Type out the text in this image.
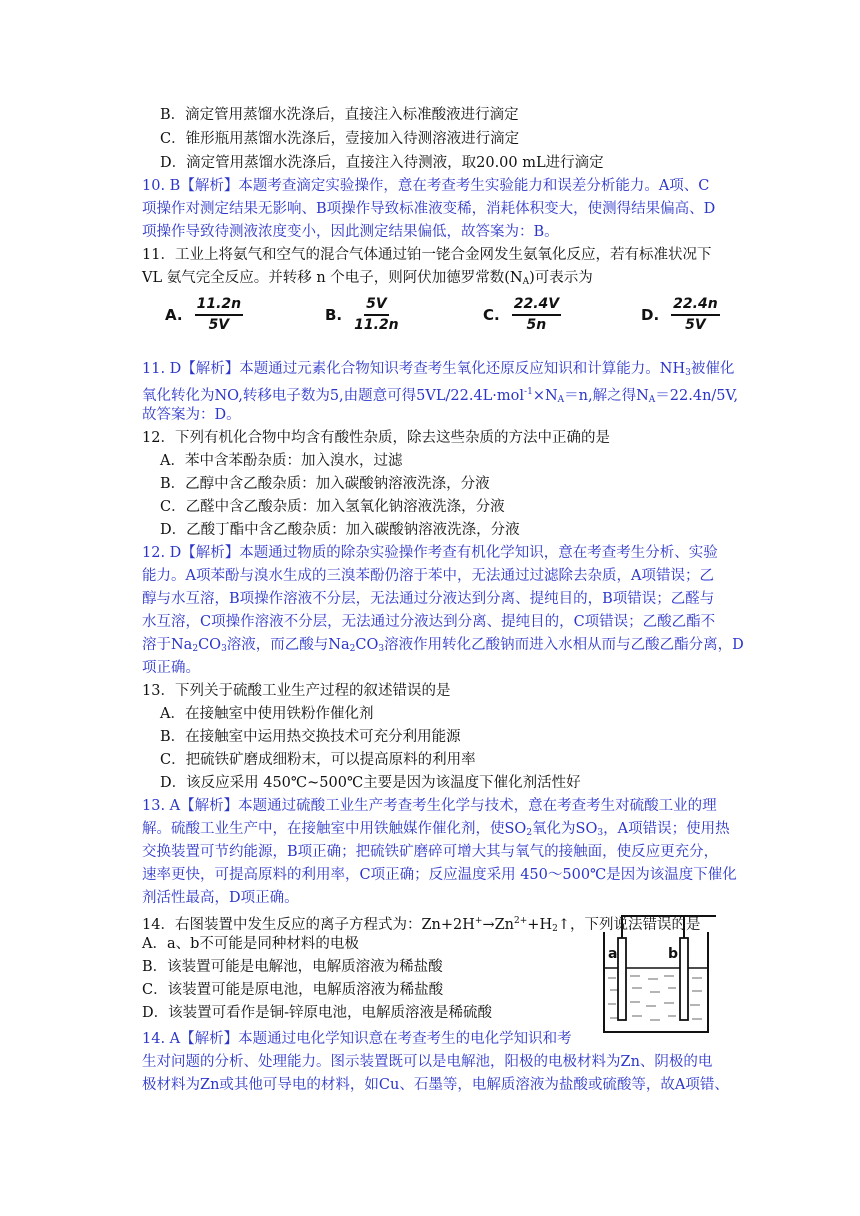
B．滴定管用蒸馏水洗涤后，直接注入标准酸液进行滴定
C．锥形瓶用蒸馏水洗涤后，壹接加入待测溶液进行滴定
D．滴定管用蒸馏水洗涤后，直接注入待测液，取20.00 mL进行滴定
10. B【解析】本题考查滴定实验操作，意在考查考生实验能力和误差分析能力。A项、C
项操作对测定结果无影响、B项操作导致标准液变稀，消耗体积变大，使测得结果偏高、D
项操作导致待测液浓度变小，因此测定结果偏低，故答案为：B。
11．工业上将氨气和空气的混合气体通过铂一铑合金网发生氨氧化反应，若有标准状况下
VL 氨气完全反应。并转移 n 个电子，则阿伏加德罗常数$(N_A)$可表示为
A. $\frac{11.2n}{5V}$	B. $\frac{5V}{11.2n}$	C. $\frac{22.4V}{5n}$	D. $\frac{22.4n}{5V}$
11. D【解析】本题通过元素化合物知识考查考生氧化还原反应知识和计算能力。$NH_3$被催化
氧化转化为NO,转移电子数为5,由题意可得$5VL/22.4L\cdot mol^{-1}\times N_A=n$,解之得$N_A=22.4n/5V$,
故答案为：D。
12．下列有机化合物中均含有酸性杂质，除去这些杂质的方法中正确的是
A．苯中含苯酚杂质：加入溴水，过滤
B．乙醇中含乙酸杂质：加入碳酸钠溶液洗涤，分液
C．乙醛中含乙酸杂质：加入氢氧化钠溶液洗涤，分液
D．乙酸丁酯中含乙酸杂质：加入碳酸钠溶液洗涤，分液
12. D【解析】本题通过物质的除杂实验操作考查有机化学知识，意在考查考生分析、实验
能力。A项苯酚与溴水生成的三溴苯酚仍溶于苯中，无法通过过滤除去杂质，A项错误；乙
醇与水互溶，B项操作溶液不分层，无法通过分液达到分离、提纯目的，B项错误；乙醛与
水互溶，C项操作溶液不分层，无法通过分液达到分离、提纯目的，C项错误；乙酸乙酯不
溶于$Na_2CO_3$溶液，而乙酸与$Na_2CO_3$溶液作用转化乙酸钠而进入水相从而与乙酸乙酯分离，D
项正确。
13．下列关于硫酸工业生产过程的叙述错误的是
A．在接触室中使用铁粉作催化剂
B．在接触室中运用热交换技术可充分利用能源
C．把硫铁矿磨成细粉末，可以提高原料的利用率
D．该反应采用 450℃~500℃主要是因为该温度下催化剂活性好
13. A【解析】本题通过硫酸工业生产考查考生化学与技术，意在考查考生对硫酸工业的理
解。硫酸工业生产中，在接触室中用铁触媒作催化剂，使$SO_2$氧化为$SO_3$，A项错误；使用热
交换装置可节约能源，B项正确；把硫铁矿磨碎可增大其与氧气的接触面，使反应更充分，
速率更快，可提高原料的利用率，C项正确；反应温度采用 450～500℃是因为该温度下催化
剂活性最高，D项正确。
14．右图装置中发生反应的离子方程式为：$Zn+2H^+\to Zn^{2+}+H_2↑$，下列说法错误的是
A．a、b不可能是同种材料的电极
B．该装置可能是电解池，电解质溶液为稀盐酸
C．该装置可能是原电池，电解质溶液为稀盐酸
D．该装置可看作是铜-锌原电池，电解质溶液是稀硫酸
a	b
14. A【解析】本题通过电化学知识意在考查考生的电化学知识和考
生对问题的分析、处理能力。图示装置既可以是电解池，阳极的电极材料为Zn、阴极的电
极材料为Zn或其他可导电的材料，如Cu、石墨等，电解质溶液为盐酸或硫酸等，故A项错、
